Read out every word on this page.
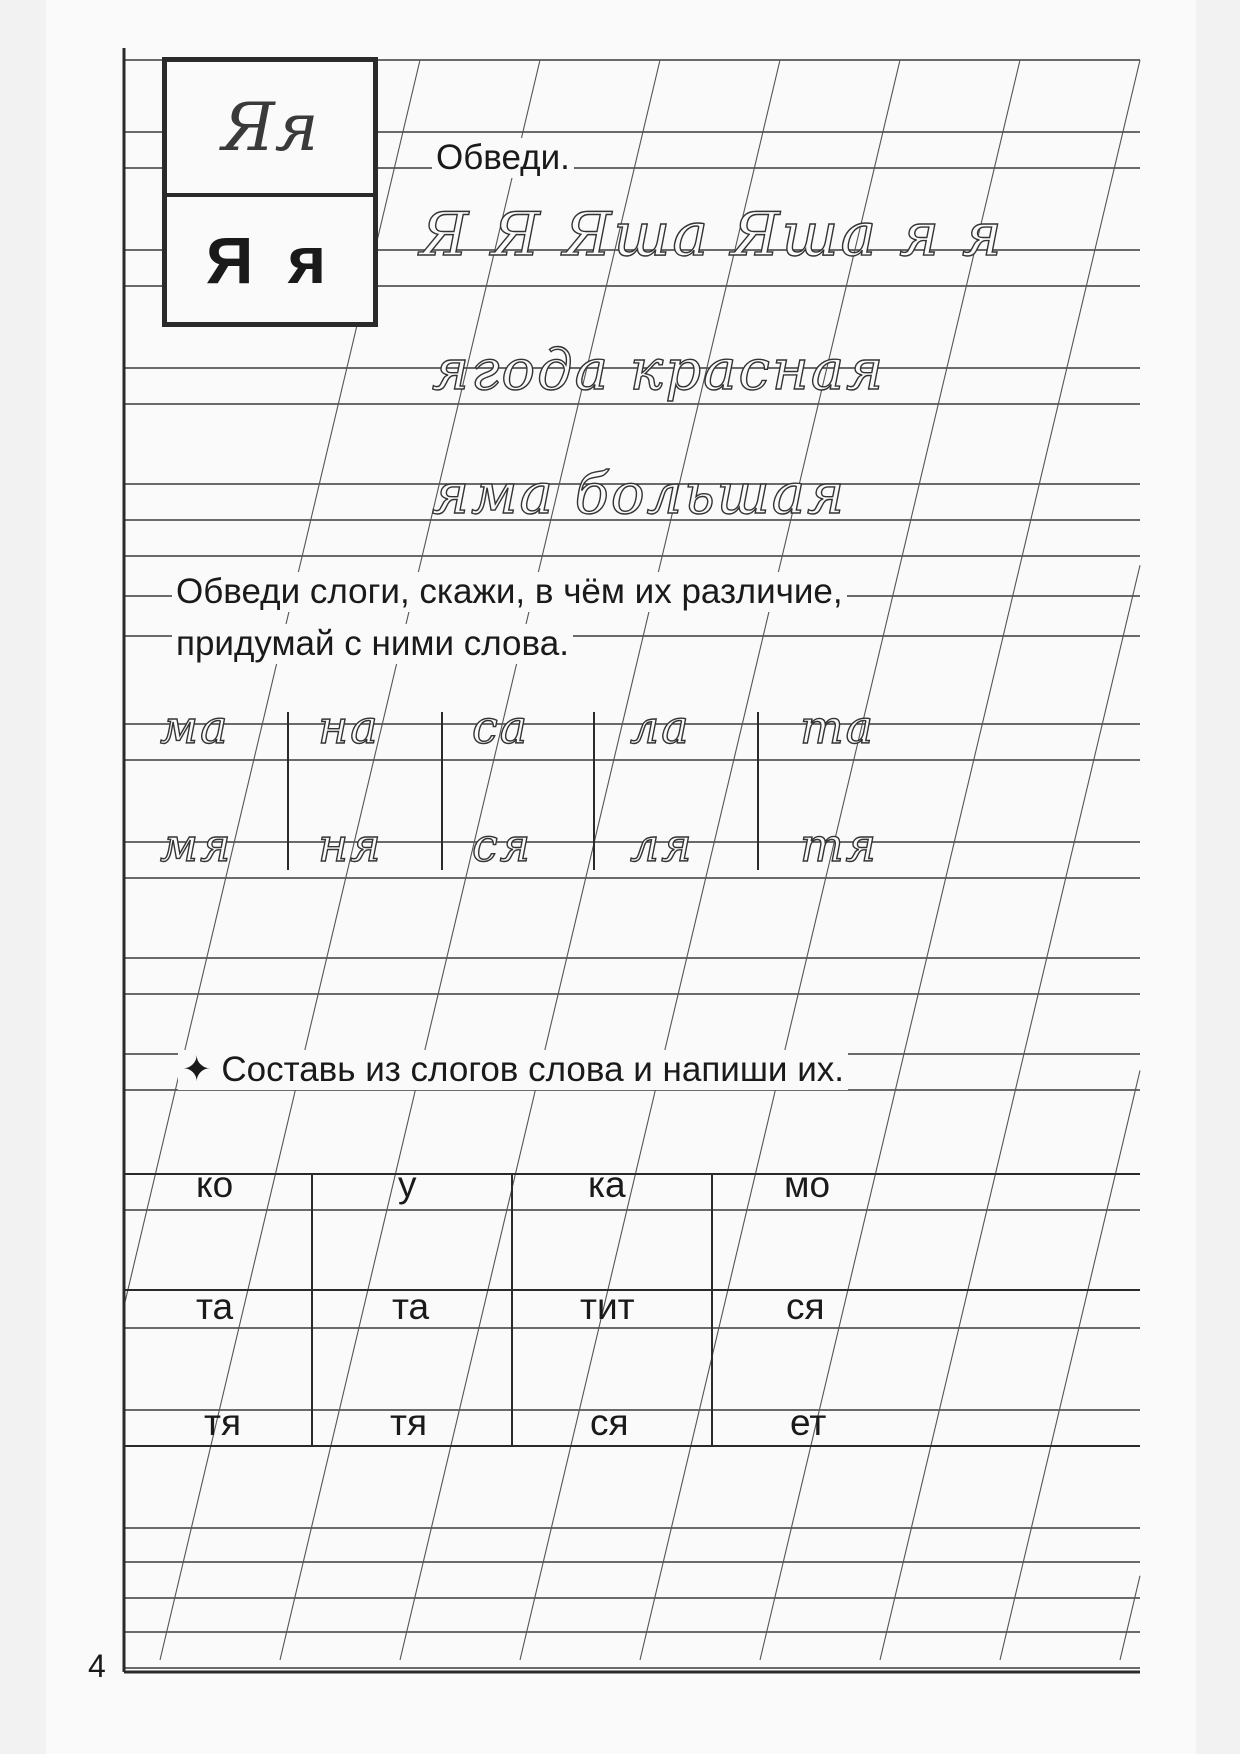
Яя
Я я
Обведи.
Я Я Яша Яша я я
ягода красная
яма большая
Обведи слоги, скажи, в чём их различие,
придумай с ними слова.
ма на са ла та
мя ня ся ля тя
✦ Составь из слогов слова и напиши их.
ко	у	ка	мо
та	та	тит	ся
тя	тя	ся	ет
4
